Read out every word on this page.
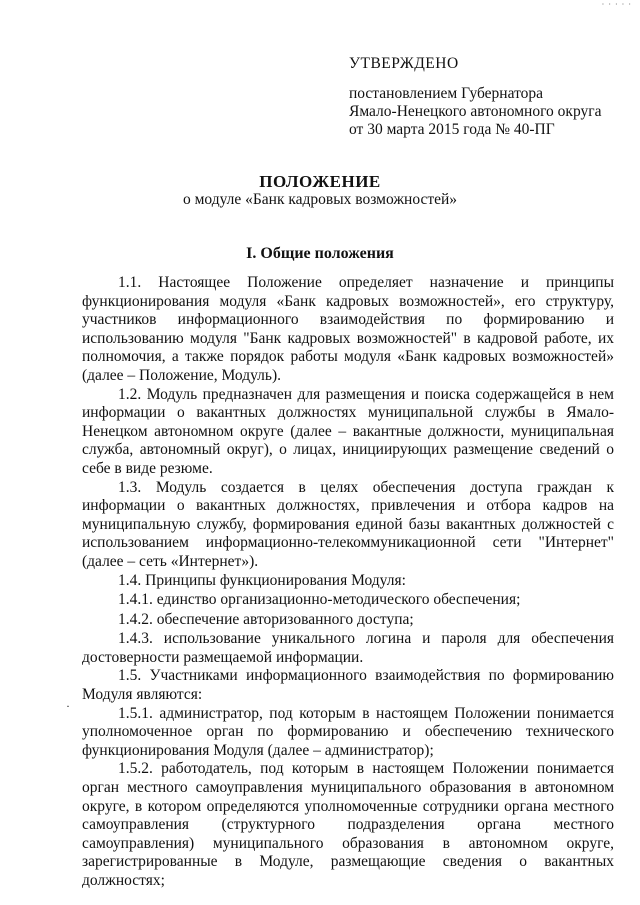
· · · · ·
УТВЕРЖДЕНО
постановлением Губернатора
Ямало-Ненецкого автономного округа
от 30 марта 2015 года № 40-ПГ
ПОЛОЖЕНИЕ
о модуле «Банк кадровых возможностей»
I. Общие положения

1.1. Настоящее Положение определяет назначение и принципы функционирования модуля «Банк кадровых возможностей», его структуру, участников информационного взаимодействия по формированию и использованию модуля "Банк кадровых возможностей" в кадровой работе, их полномочия, а также порядок работы модуля «Банк кадровых возможностей» (далее – Положение, Модуль).

1.2. Модуль предназначен для размещения и поиска содержащейся в нем информации о вакантных должностях муниципальной службы в Ямало-Ненецком автономном округе (далее – вакантные должности, муниципальная служба, автономный округ), о лицах, инициирующих размещение сведений о себе в виде резюме.

1.3. Модуль создается в целях обеспечения доступа граждан к информации о вакантных должностях, привлечения и отбора кадров на муниципальную службу, формирования единой базы вакантных должностей с использованием информационно-телекоммуникационной сети "Интернет" (далее – сеть «Интернет»).

1.4. Принципы функционирования Модуля:

1.4.1. единство организационно-методического обеспечения;

1.4.2. обеспечение авторизованного доступа;

1.4.3. использование уникального логина и пароля для обеспечения достоверности размещаемой информации.

1.5. Участниками информационного взаимодействия по формированию Модуля являются:

1.5.1. администратор, под которым в настоящем Положении понимается уполномоченное орган по формированию и обеспечению технического функционирования Модуля (далее – администратор);

1.5.2. работодатель, под которым в настоящем Положении понимается орган местного самоуправления муниципального образования в автономном округе, в котором определяются уполномоченные сотрудники органа местного самоуправления (структурного подразделения органа местного самоуправления) муниципального образования в автономном округе, зарегистрированные в Модуле, размещающие сведения о вакантных должностях;

·
